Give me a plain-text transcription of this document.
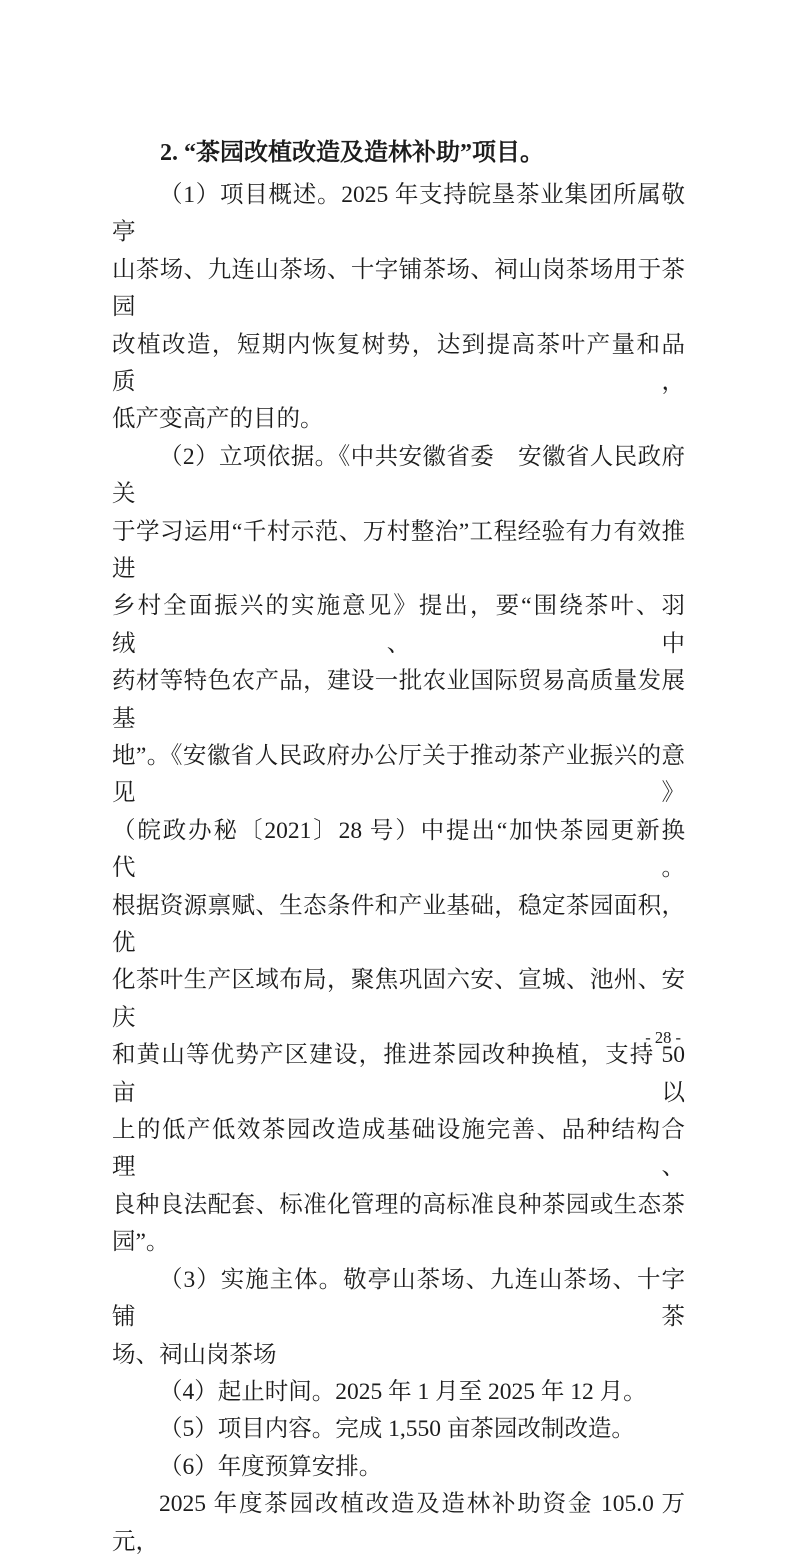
2. “茶园改植改造及造林补助”项目。
（1）项目概述。2025 年支持皖垦茶业集团所属敬亭
山茶场、九连山茶场、十字铺茶场、祠山岗茶场用于茶园
改植改造，短期内恢复树势，达到提高茶叶产量和品质，
低产变高产的目的。
（2）立项依据。《中共安徽省委　安徽省人民政府关
于学习运用“千村示范、万村整治”工程经验有力有效推进
乡村全面振兴的实施意见》提出，要“围绕茶叶、羽绒、中
药材等特色农产品，建设一批农业国际贸易高质量发展基
地”。《安徽省人民政府办公厅关于推动茶产业振兴的意见》
（皖政办秘〔2021〕28 号）中提出“加快茶园更新换代。
根据资源禀赋、生态条件和产业基础，稳定茶园面积，优
化茶叶生产区域布局，聚焦巩固六安、宣城、池州、安庆
和黄山等优势产区建设，推进茶园改种换植，支持 50 亩以
上的低产低效茶园改造成基础设施完善、品种结构合理、
良种良法配套、标准化管理的高标准良种茶园或生态茶
园”。
（3）实施主体。敬亭山茶场、九连山茶场、十字铺茶
场、祠山岗茶场
（4）起止时间。2025 年 1 月至 2025 年 12 月。
（5）项目内容。完成 1,550 亩茶园改制改造。
（6）年度预算安排。
2025 年度茶园改植改造及造林补助资金 105.0 万元，
- 28 -
